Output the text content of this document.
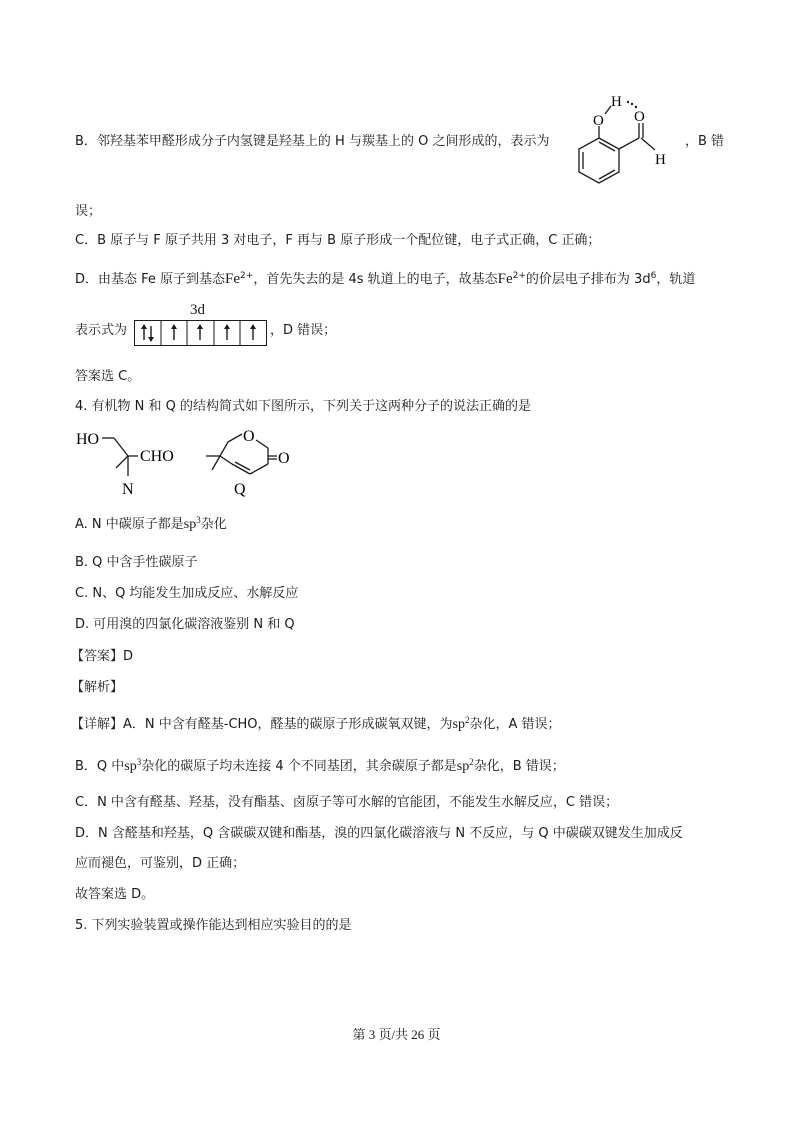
B．邻羟基苯甲醛形成分子内氢键是羟基上的 H 与羰基上的 O 之间形成的，表示为
O
H
O
H
，B 错
误；
C．B 原子与 F 原子共用 3 对电子，F 再与 B 原子形成一个配位键，电子式正确，C 正确；
D．由基态 Fe 原子到基态$Fe^{2+}$，首先失去的是 4s 轨道上的电子，故基态$Fe^{2+}$的价层电子排布为 $3d^6$，轨道
表示式为
3d
，D 错误；
答案选 C。
4. 有机物 N 和 Q 的结构简式如下图所示，下列关于这两种分子的说法正确的是
HO
CHO
N
O
O
Q
A. N 中碳原子都是$sp^3$杂化
B. Q 中含手性碳原子
C. N、Q 均能发生加成反应、水解反应
D. 可用溴的四氯化碳溶液鉴别 N 和 Q
【答案】D
【解析】
【详解】A．N 中含有醛基-CHO，醛基的碳原子形成碳氧双键，为$sp^2$杂化，A 错误；
B．Q 中$sp^3$杂化的碳原子均未连接 4 个不同基团，其余碳原子都是$sp^2$杂化，B 错误；
C．N 中含有醛基、羟基，没有酯基、卤原子等可水解的官能团，不能发生水解反应，C 错误；
D．N 含醛基和羟基，Q 含碳碳双键和酯基，溴的四氯化碳溶液与 N 不反应，与 Q 中碳碳双键发生加成反
应而褪色，可鉴别，D 正确；
故答案选 D。
5. 下列实验装置或操作能达到相应实验目的的是
第 3 页/共 26 页
